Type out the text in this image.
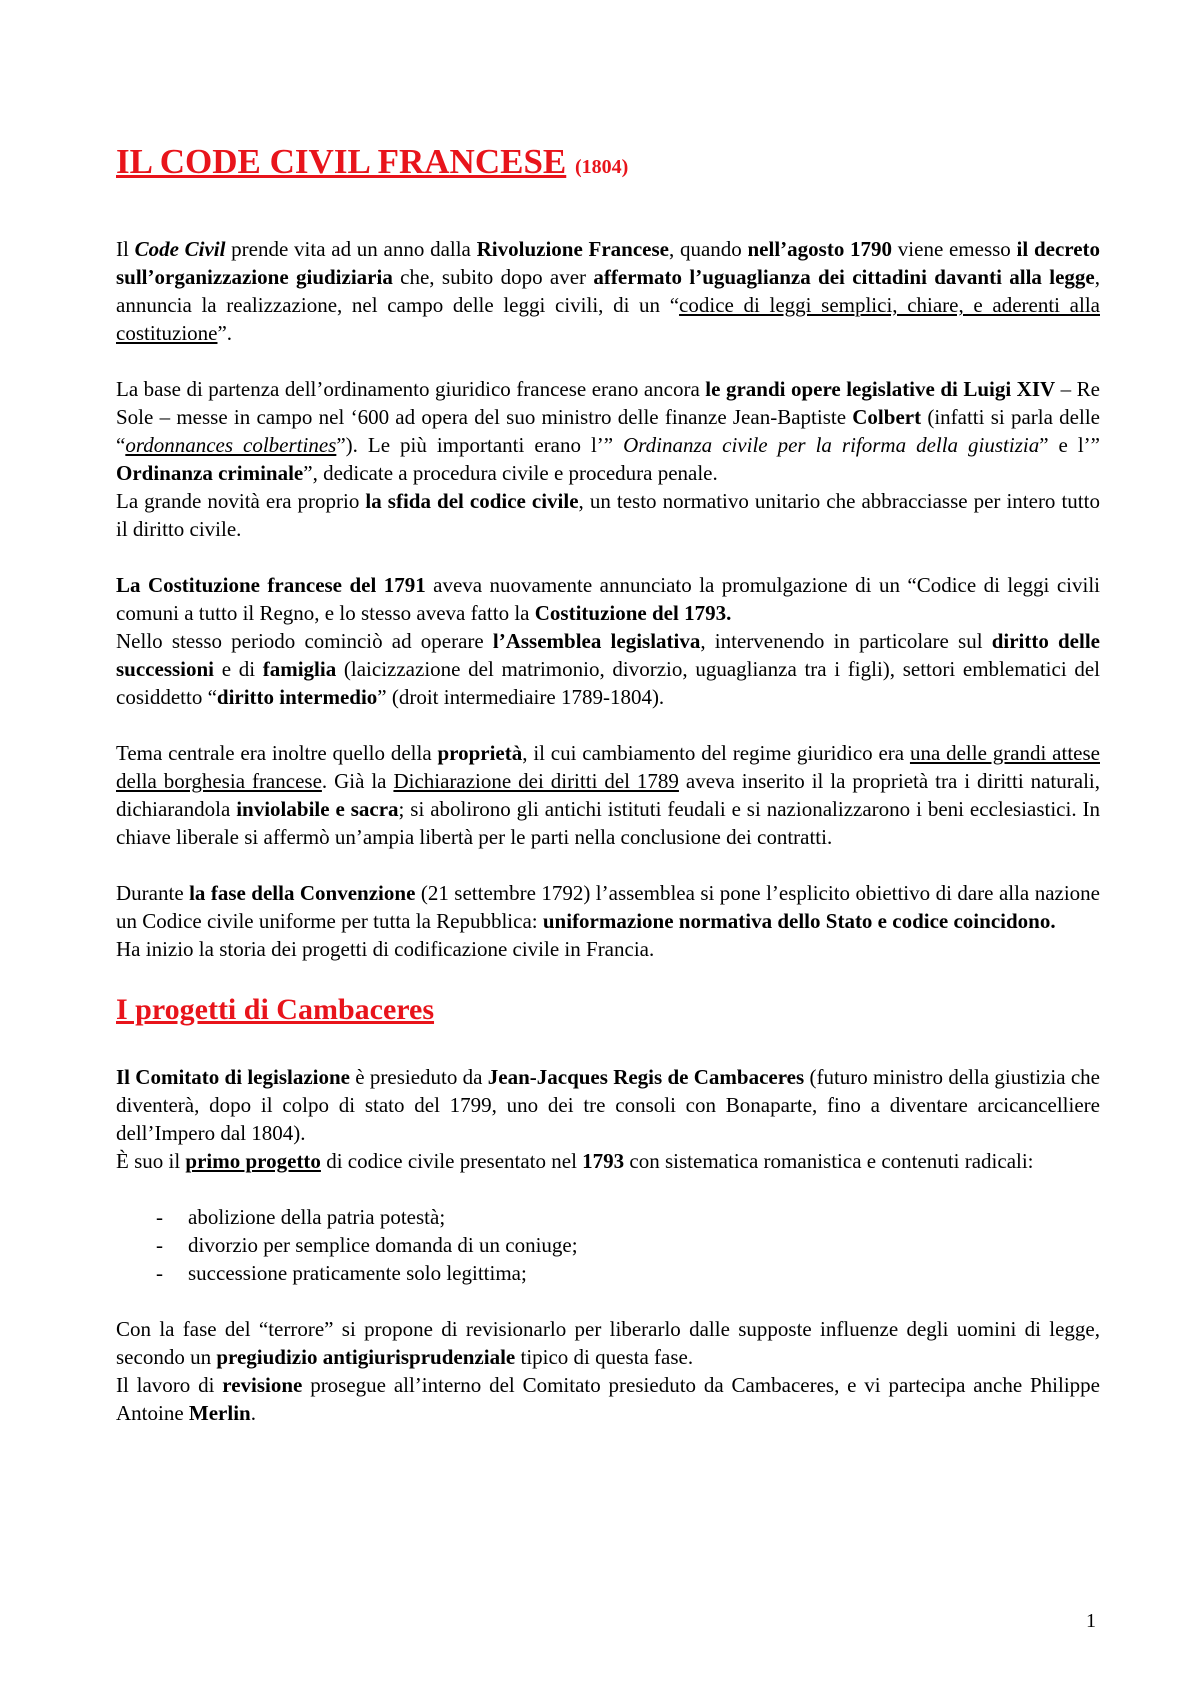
IL CODE CIVIL FRANCESE (1804)

Il Code Civil prende vita ad un anno dalla Rivoluzione Francese, quando nell’agosto 1790 viene emesso il decreto sull’organizzazione giudiziaria che, subito dopo aver affermato l’uguaglianza dei cittadini davanti alla legge, annuncia la realizzazione, nel campo delle leggi civili, di un “codice di leggi semplici, chiare, e aderenti alla costituzione”.

La base di partenza dell’ordinamento giuridico francese erano ancora le grandi opere legislative di Luigi XIV – Re Sole – messe in campo nel ‘600 ad opera del suo ministro delle finanze Jean-Baptiste Colbert (infatti si parla delle “ordonnances colbertines”). Le più importanti erano l’” Ordinanza civile per la riforma della giustizia” e l’” Ordinanza criminale”, dedicate a procedura civile e procedura penale.

La grande novità era proprio la sfida del codice civile, un testo normativo unitario che abbracciasse per intero tutto il diritto civile.

La Costituzione francese del 1791 aveva nuovamente annunciato la promulgazione di un “Codice di leggi civili comuni a tutto il Regno, e lo stesso aveva fatto la Costituzione del 1793.

Nello stesso periodo cominciò ad operare l’Assemblea legislativa, intervenendo in particolare sul diritto delle successioni e di famiglia (laicizzazione del matrimonio, divorzio, uguaglianza tra i figli), settori emblematici del cosiddetto “diritto intermedio” (droit intermediaire 1789-1804).

Tema centrale era inoltre quello della proprietà, il cui cambiamento del regime giuridico era una delle grandi attese della borghesia francese. Già la Dichiarazione dei diritti del 1789 aveva inserito il la proprietà tra i diritti naturali, dichiarandola inviolabile e sacra; si abolirono gli antichi istituti feudali e si nazionalizzarono i beni ecclesiastici. In chiave liberale si affermò un’ampia libertà per le parti nella conclusione dei contratti.

Durante la fase della Convenzione (21 settembre 1792) l’assemblea si pone l’esplicito obiettivo di dare alla nazione un Codice civile uniforme per tutta la Repubblica: uniformazione normativa dello Stato e codice coincidono.

Ha inizio la storia dei progetti di codificazione civile in Francia.

I progetti di Cambaceres

Il Comitato di legislazione è presieduto da Jean-Jacques Regis de Cambaceres (futuro ministro della giustizia che diventerà, dopo il colpo di stato del 1799, uno dei tre consoli con Bonaparte, fino a diventare arcicancelliere dell’Impero dal 1804).

È suo il primo progetto di codice civile presentato nel 1793 con sistematica romanistica e contenuti radicali:

- abolizione della patria potestà;
- divorzio per semplice domanda di un coniuge;
- successione praticamente solo legittima;

Con la fase del “terrore” si propone di revisionarlo per liberarlo dalle supposte influenze degli uomini di legge, secondo un pregiudizio antigiurisprudenziale tipico di questa fase.

Il lavoro di revisione prosegue all’interno del Comitato presieduto da Cambaceres, e vi partecipa anche Philippe Antoine Merlin.

1
